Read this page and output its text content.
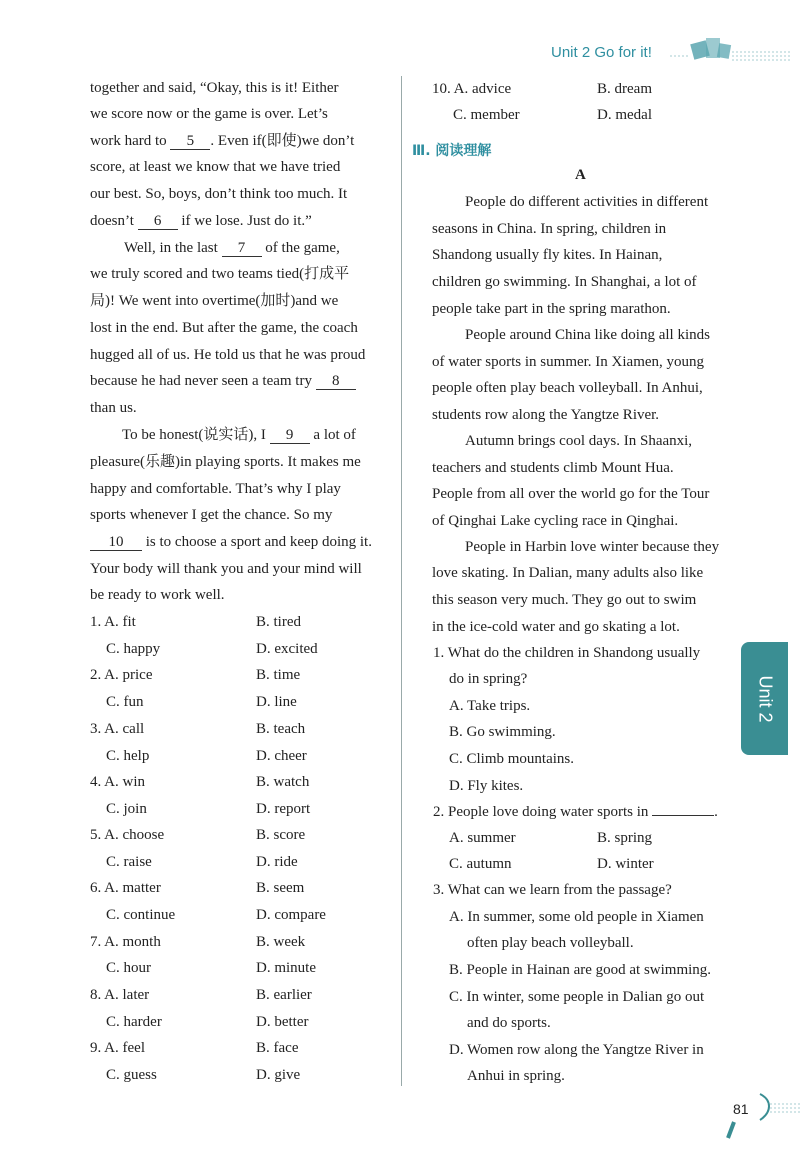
Unit 2 Go for it!
together and said, “Okay, this is it! Either
we score now or the game is over. Let’s
work hard to 5 . Even if(即使)we don’t
score, at least we know that we have tried
our best. So, boys, don’t think too much. It
doesn’t 6 if we lose. Just do it.”
Well, in the last 7 of the game,
we truly scored and two teams tied(打成平
局)! We went into overtime(加时)and we
lost in the end. But after the game, the coach
hugged all of us. He told us that he was proud
because he had never seen a team try 8
than us.
To be honest(说实话), I 9 a lot of
pleasure(乐趣)in playing sports. It makes me
happy and comfortable. That’s why I play
sports whenever I get the chance. So my
10 is to choose a sport and keep doing it.
Your body will thank you and your mind will
be ready to work well.
1. A. fit	B. tired
C. happy	D. excited
2. A. price	B. time
C. fun	D. line
3. A. call	B. teach
C. help	D. cheer
4. A. win	B. watch
C. join	D. report
5. A. choose	B. score
C. raise	D. ride
6. A. matter	B. seem
C. continue	D. compare
7. A. month	B. week
C. hour	D. minute
8. A. later	B. earlier
C. harder	D. better
9. A. feel	B. face
C. guess	D. give
10. A. advice	B. dream
C. member	D. medal
Ⅲ. 阅读理解
A
People do different activities in different
seasons in China. In spring, children in
Shandong usually fly kites. In Hainan,
children go swimming. In Shanghai, a lot of
people take part in the spring marathon.
People around China like doing all kinds
of water sports in summer. In Xiamen, young
people often play beach volleyball. In Anhui,
students row along the Yangtze River.
Autumn brings cool days. In Shaanxi,
teachers and students climb Mount Hua.
People from all over the world go for the Tour
of Qinghai Lake cycling race in Qinghai.
People in Harbin love winter because they
love skating. In Dalian, many adults also like
this season very much. They go out to swim
in the ice-cold water and go skating a lot.
1. What do the children in Shandong usually
do in spring?
A. Take trips.
B. Go swimming.
C. Climb mountains.
D. Fly kites.
2. People love doing water sports in	.
A. summer	B. spring
C. autumn	D. winter
3. What can we learn from the passage?
A. In summer, some old people in Xiamen
often play beach volleyball.
B. People in Hainan are good at swimming.
C. In winter, some people in Dalian go out
and do sports.
D. Women row along the Yangtze River in
Anhui in spring.
Unit 2
81
